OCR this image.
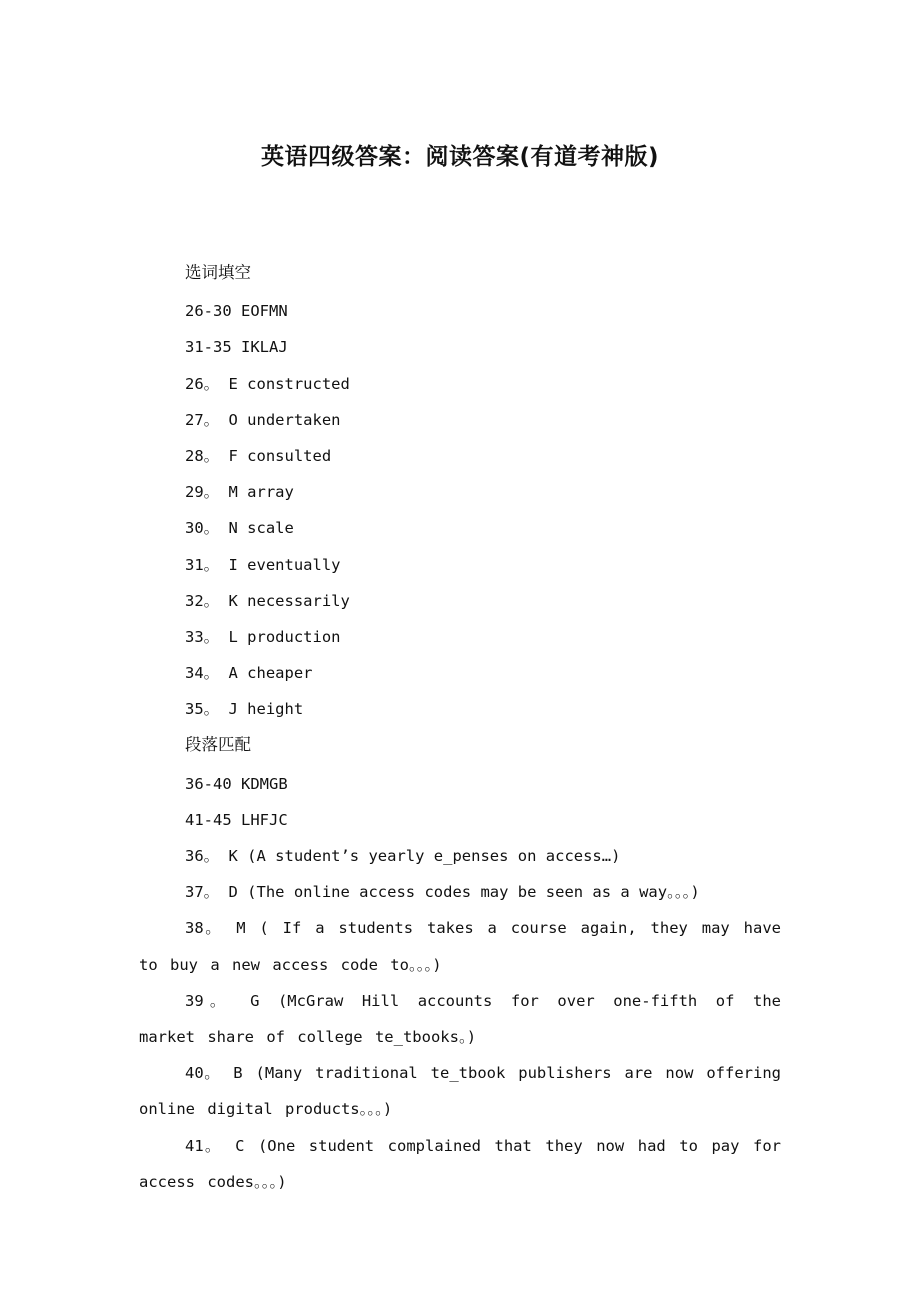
英语四级答案：阅读答案(有道考神版)
选词填空
26-30 EOFMN
31-35 IKLAJ
26。 E constructed
27。 O undertaken
28。 F consulted
29。 M array
30。 N scale
31。 I eventually
32。 K necessarily
33。 L production
34。 A cheaper
35。 J height
段落匹配
36-40 KDMGB
41-45 LHFJC
36。 K (A student’s yearly e_penses on access…)
37。 D (The online access codes may be seen as a way。。。)
38。 M ( If a students takes a course again, they may have to buy a new access code to。。。)
39。 G (McGraw Hill accounts for over one-fifth of the market share of college te_tbooks。)
40。 B (Many traditional te_tbook publishers are now offering online digital products。。。)
41。 C (One student complained that they now had to pay for access codes。。。)
